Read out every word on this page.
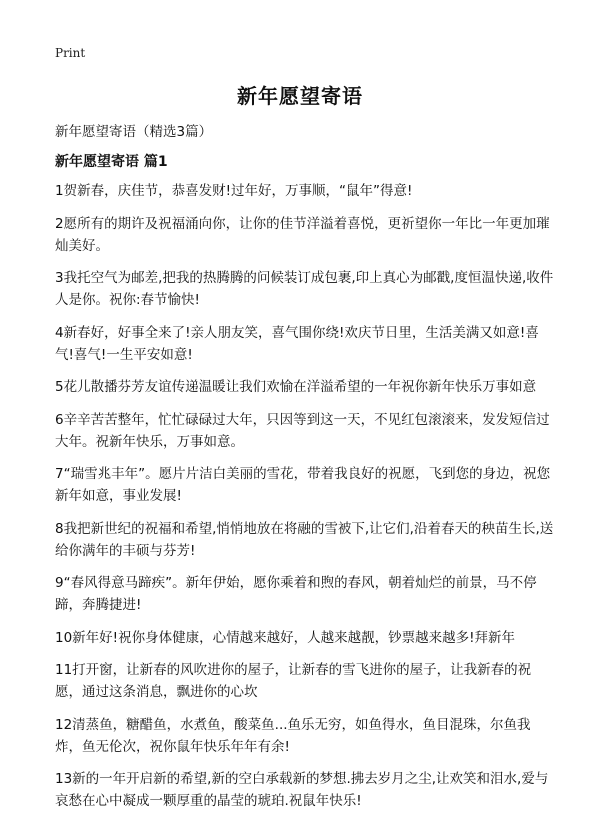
Print
新年愿望寄语
新年愿望寄语（精选3篇）
新年愿望寄语 篇1

1贺新春，庆佳节，恭喜发财!过年好，万事顺，“鼠年”得意!

2愿所有的期许及祝福涌向你，让你的佳节洋溢着喜悦，更祈望你一年比一年更加璀灿美好。

3我托空气为邮差,把我的热腾腾的问候装订成包裹,印上真心为邮戳,度恒温快递,收件人是你。祝你:春节愉快!

4新春好，好事全来了!亲人朋友笑，喜气围你绕!欢庆节日里，生活美满又如意!喜气!喜气!一生平安如意!

5花儿散播芬芳友谊传递温暖让我们欢愉在洋溢希望的一年祝你新年快乐万事如意

6辛辛苦苦整年，忙忙碌碌过大年，只因等到这一天，不见红包滚滚来，发发短信过大年。祝新年快乐，万事如意。

7“瑞雪兆丰年”。愿片片洁白美丽的雪花，带着我良好的祝愿，飞到您的身边，祝您新年如意，事业发展!

8我把新世纪的祝福和希望,悄悄地放在将融的雪被下,让它们,沿着春天的秧苗生长,送给你满年的丰硕与芬芳!

9“春风得意马蹄疾”。新年伊始，愿你乘着和煦的春风，朝着灿烂的前景，马不停蹄，奔腾捷进!

10新年好!祝你身体健康，心情越来越好，人越来越靓，钞票越来越多!拜新年

11打开窗，让新春的风吹进你的屋子，让新春的雪飞进你的屋子，让我新春的祝愿，通过这条消息，飘进你的心坎

12清蒸鱼，糖醋鱼，水煮鱼，酸菜鱼...鱼乐无穷，如鱼得水，鱼目混珠，尔鱼我炸，鱼无伦次，祝你鼠年快乐年年有余!

13新的一年开启新的希望,新的空白承载新的梦想.拂去岁月之尘,让欢笑和泪水,爱与哀愁在心中凝成一颗厚重的晶莹的琥珀.祝鼠年快乐!
